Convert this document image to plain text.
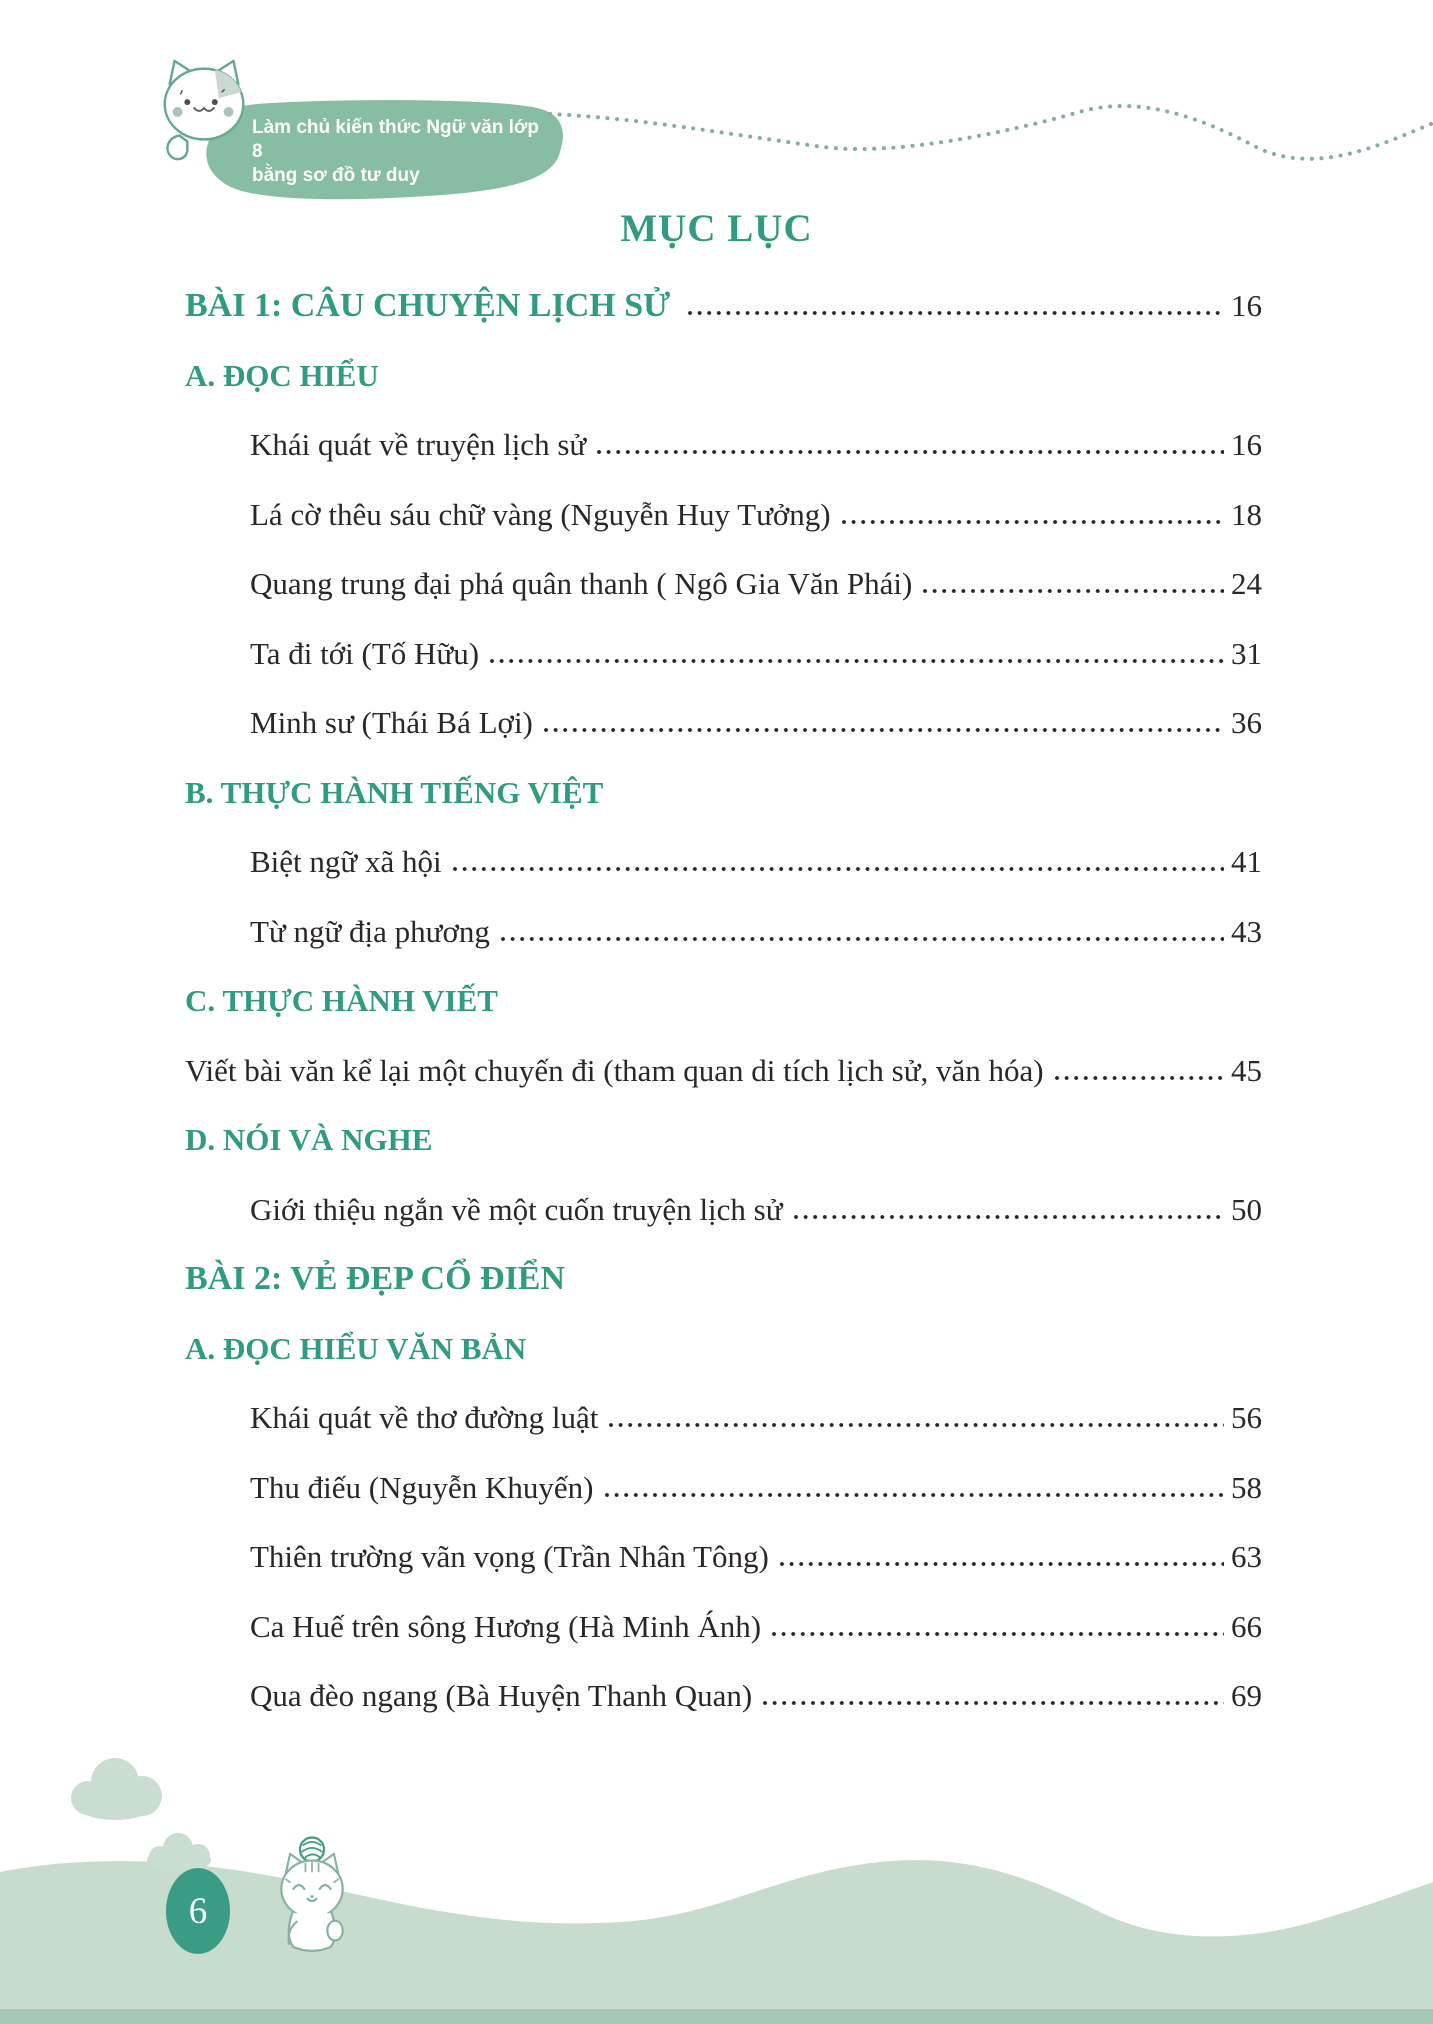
Làm chủ kiến thức Ngữ văn lớp 8
bằng sơ đồ tư duy
MỤC LỤC
BÀI 1: CÂU CHUYỆN LỊCH SỬ	16
A. ĐỌC HIỂU
Khái quát về truyện lịch sử	16
Lá cờ thêu sáu chữ vàng (Nguyễn Huy Tưởng)	18
Quang trung đại phá quân thanh ( Ngô Gia Văn Phái)	24
Ta đi tới (Tố Hữu)	31
Minh sư (Thái Bá Lợi)	36
B. THỰC HÀNH TIẾNG VIỆT
Biệt ngữ xã hội	41
Từ ngữ địa phương	43
C. THỰC HÀNH VIẾT
Viết bài văn kể lại một chuyến đi (tham quan di tích lịch sử, văn hóa)	45
D. NÓI VÀ NGHE
Giới thiệu ngắn về một cuốn truyện lịch sử	50
BÀI 2: VẺ ĐẸP CỔ ĐIỂN
A. ĐỌC HIỂU VĂN BẢN
Khái quát về thơ đường luật	56
Thu điếu (Nguyễn Khuyến)	58
Thiên trường vãn vọng (Trần Nhân Tông)	63
Ca Huế trên sông Hương (Hà Minh Ánh)	66
Qua đèo ngang (Bà Huyện Thanh Quan)	69
6
